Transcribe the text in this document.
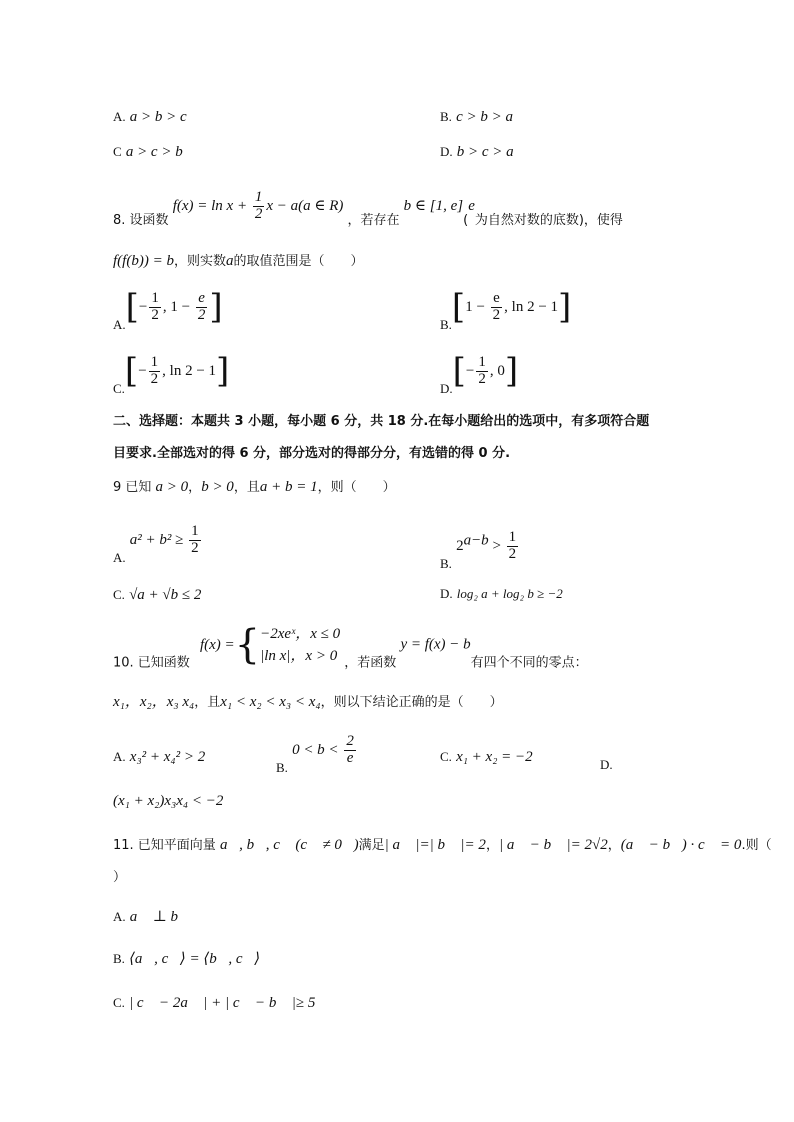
A. a > b > c	B. c > b > a
C a > c > b	D. b > c > a
8. 设函数 $f(x) = \ln x + \frac{1}{2}$ x − a(a ∈ R) ，若存在 b ∈ [1, e](e为自然对数的底数)，使得
f(f(b)) = b，则实数a的取值范围是（　　）
$A.[- \frac{1}{2}$ , $1 - \frac{e}{2}$ ]	$B.[1 - \frac{e}{2}$ , ln 2 − 1]
$C.[- \frac{1}{2}$ , ln 2 − 1]	$D.[- \frac{1}{2}$ , 0]
二、选择题：本题共 3 小题，每小题 6 分，共 18 分.在每小题给出的选项中，有多项符合题
目要求.全部选对的得 6 分，部分选对的得部分分，有选错的得 0 分.
9 已知 a > 0，b > 0，且a + b = 1，则（　　）
A. $a^2 + b^2 \ge \frac{1}{2}$
B. $2^{a-b} > \frac{1}{2}$
C. √a + √b ≤ 2	D. log₂ a + log₂ b ≥ −2
10. 已知函数 f(x) ={ −2xeˣ，x ≤ 0
|ln x|，x > 0 ，若函数 y = f(x) − b有四个不同的零点：
x₁，x₂，x₃ x₄，且x₁ < x₂ < x₃ < x₄，则以下结论正确的是（　　）
A. x₃² + x₄² > 2
B. $0 < b < \frac{2}{e}$	C. x₁ + x₂ = −2	D.
(x₁ + x₂)x₃x₄ < −2
11. 已知平面向量 a⃗, b⃗, c⃗ (c⃗ ≠ 0⃗)满足| a⃗ |=| b⃗ |= 2，| a⃗ − b⃗ |= 2√2，(a⃗ − b⃗) · c⃗ = 0.则（
）
A. a⃗ ⊥ b⃗
B. ⟨a⃗, c⃗⟩ = ⟨b⃗, c⃗⟩
C. | c⃗ − 2a⃗ | + | c⃗ − b⃗ |≥ 5
